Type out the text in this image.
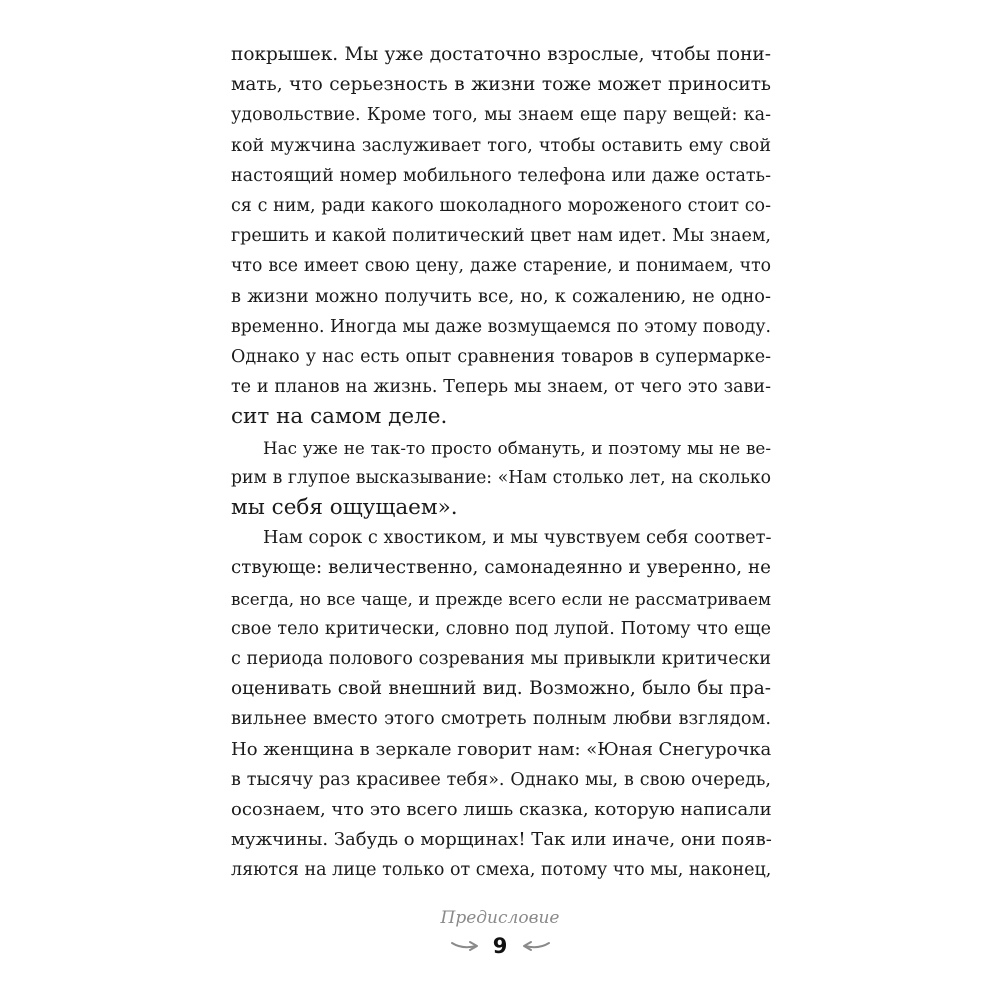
покрышек. Мы уже достаточно взрослые, чтобы пони-
мать, что серьезность в жизни тоже может приносить
удовольствие. Кроме того, мы знаем еще пару вещей: ка-
кой мужчина заслуживает того, чтобы оставить ему свой
настоящий номер мобильного телефона или даже остать-
ся с ним, ради какого шоколадного мороженого стоит со-
грешить и какой политический цвет нам идет. Мы знаем,
что все имеет свою цену, даже старение, и понимаем, что
в жизни можно получить все, но, к сожалению, не одно-
временно. Иногда мы даже возмущаемся по этому поводу.
Однако у нас есть опыт сравнения товаров в супермарке-
те и планов на жизнь. Теперь мы знаем, от чего это зави-
сит на самом деле.
Нас уже не так-то просто обмануть, и поэтому мы не ве-
рим в глупое высказывание: «Нам столько лет, на сколько
мы себя ощущаем».
Нам сорок с хвостиком, и мы чувствуем себя соответ-
ствующе: величественно, самонадеянно и уверенно, не
всегда, но все чаще, и прежде всего если не рассматриваем
свое тело критически, словно под лупой. Потому что еще
с периода полового созревания мы привыкли критически
оценивать свой внешний вид. Возможно, было бы пра-
вильнее вместо этого смотреть полным любви взглядом.
Но женщина в зеркале говорит нам: «Юная Снегурочка
в тысячу раз красивее тебя». Однако мы, в свою очередь,
осознаем, что это всего лишь сказка, которую написали
мужчины. Забудь о морщинах! Так или иначе, они появ-
ляются на лице только от смеха, потому что мы, наконец,
Предисловие
9
